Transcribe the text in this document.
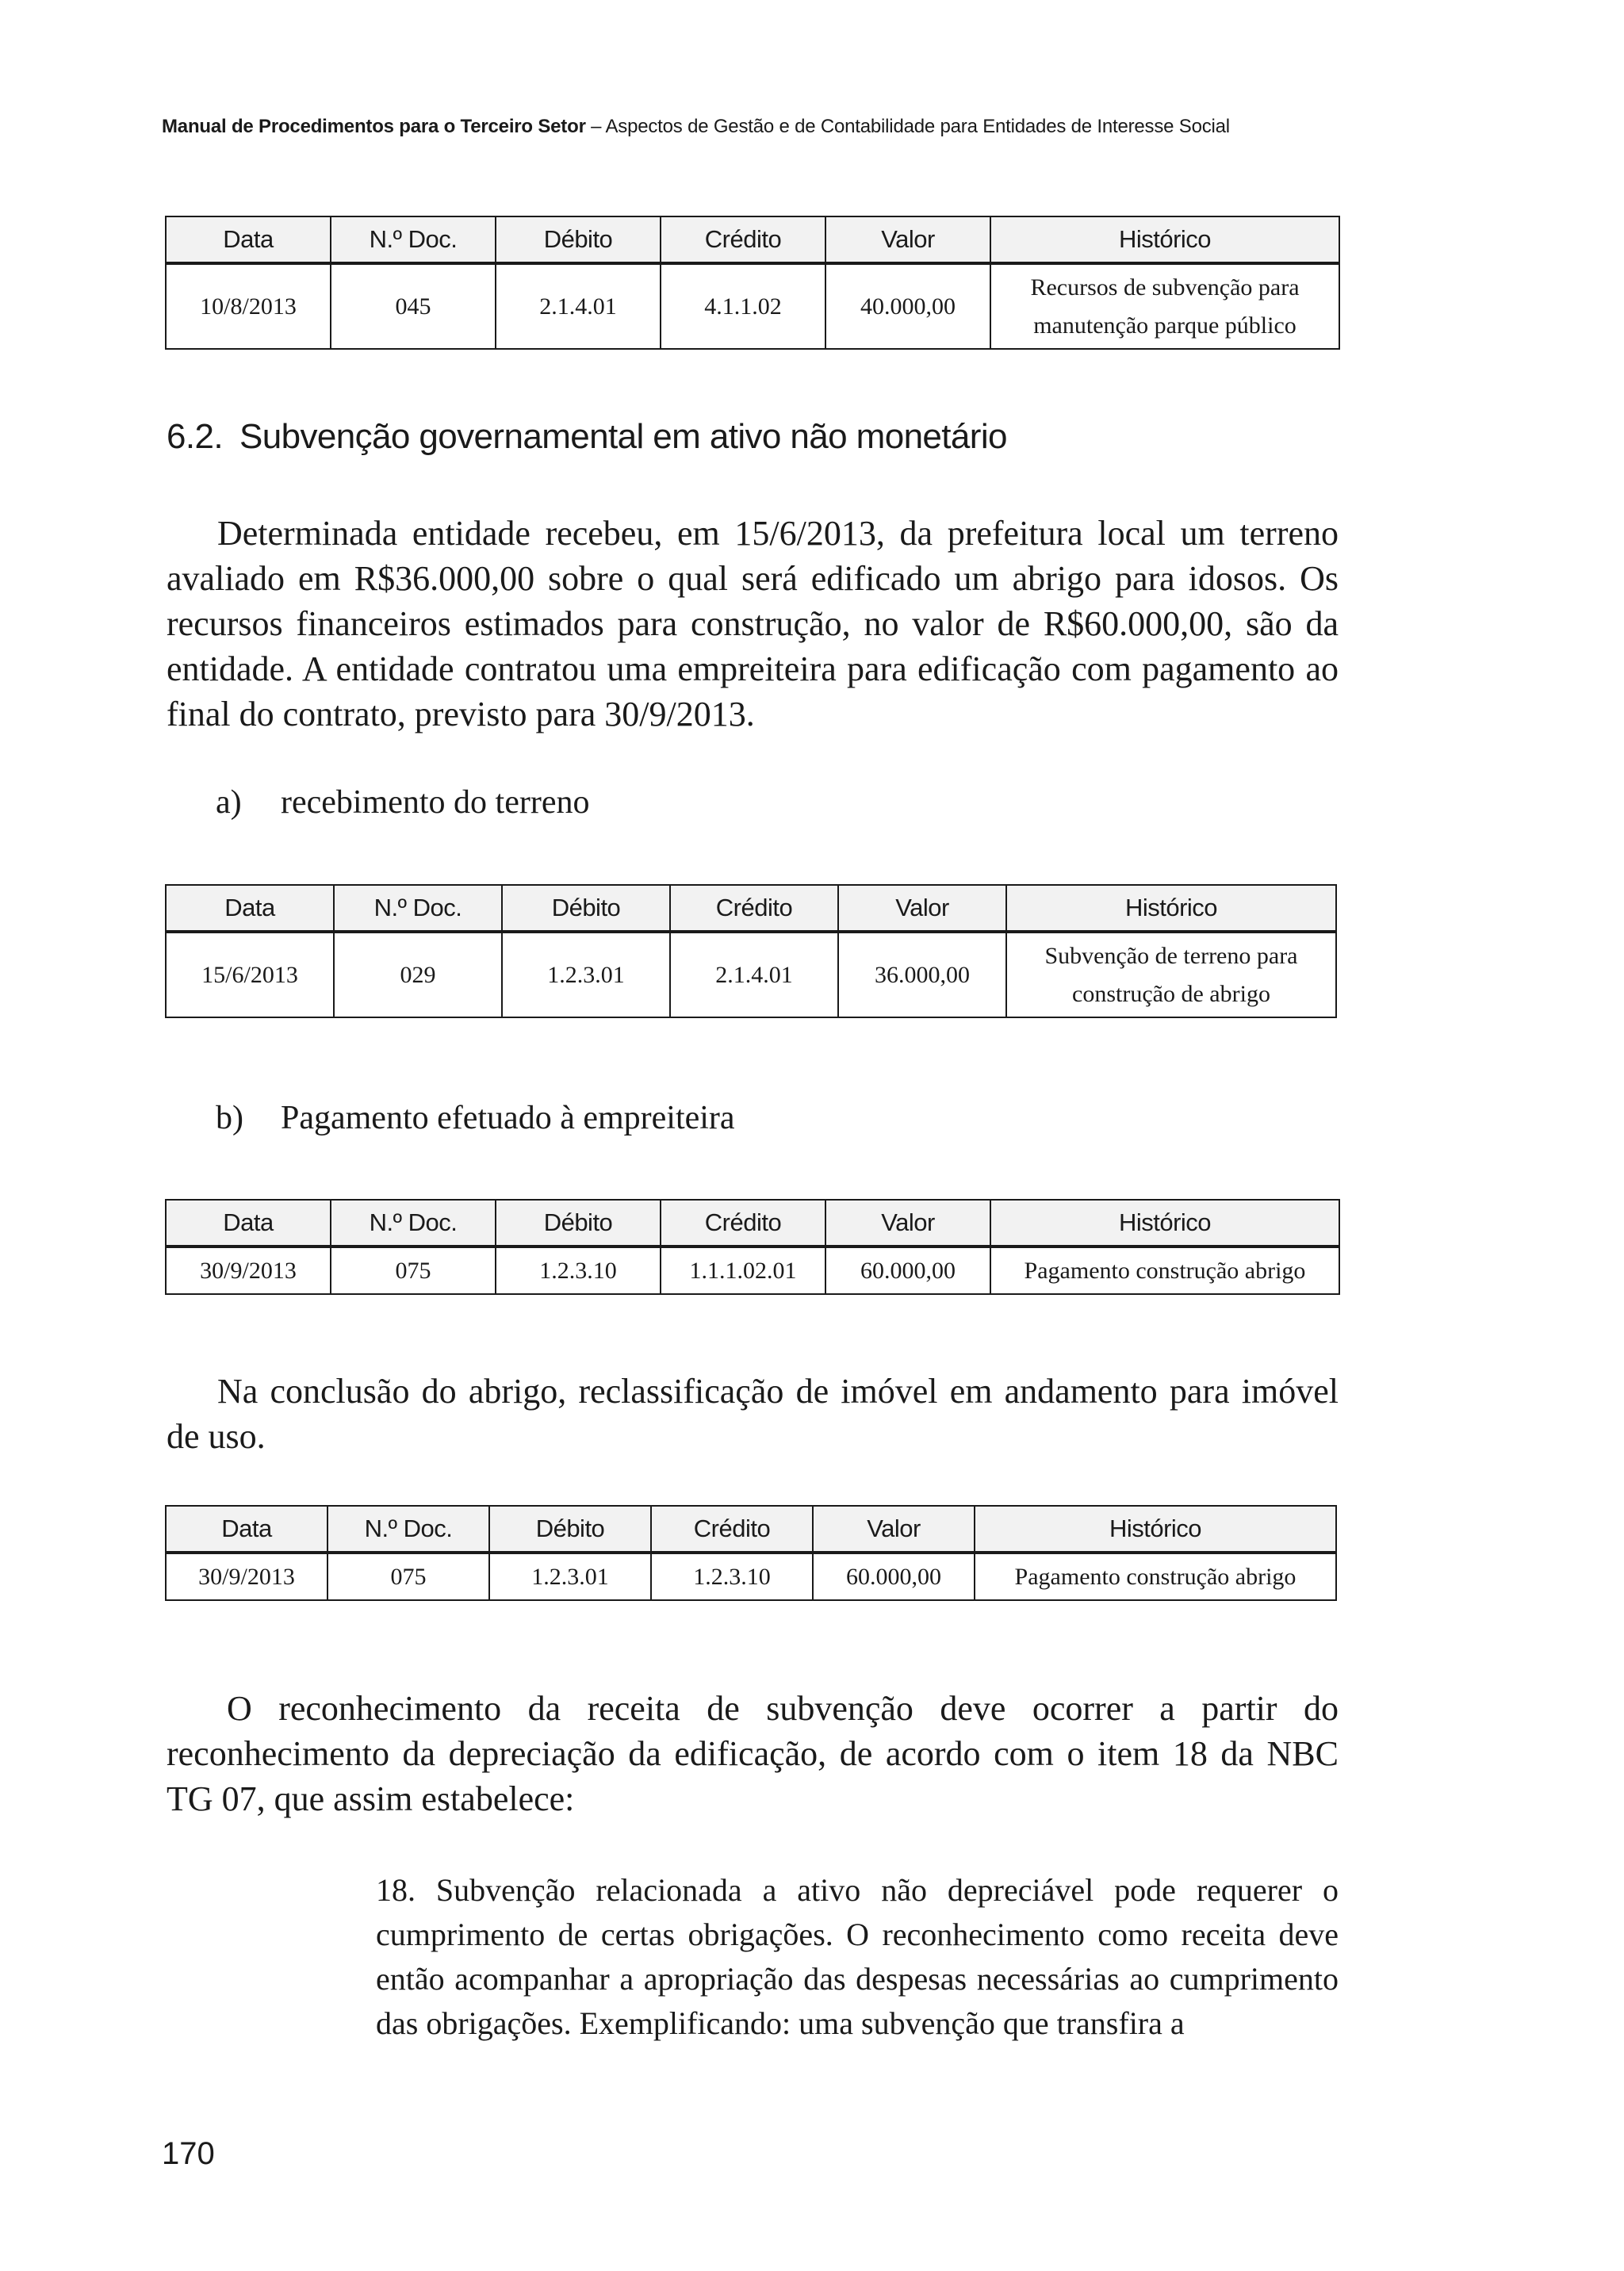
Manual de Procedimentos para o Terceiro Setor – Aspectos de Gestão e de Contabilidade para Entidades de Interesse Social
Data	N.º Doc.	Débito	Crédito	Valor	Histórico
10/8/2013	045	2.1.4.01	4.1.1.02	40.000,00	Recursos de subvenção para manutenção parque público
6.2. Subvenção governamental em ativo não monetário

Determinada entidade recebeu, em 15/6/2013, da prefeitura local um terreno avaliado em R$36.000,00 sobre o qual será edificado um abrigo para idosos. Os recursos financeiros estimados para construção, no valor de R$60.000,00, são da entidade. A entidade contratou uma empreiteira para edificação com pagamento ao final do contrato, previsto para 30/9/2013.

a) recebimento do terreno
Data	N.º Doc.	Débito	Crédito	Valor	Histórico
15/6/2013	029	1.2.3.01	2.1.4.01	36.000,00	Subvenção de terreno para construção de abrigo
b) Pagamento efetuado à empreiteira
Data	N.º Doc.	Débito	Crédito	Valor	Histórico
30/9/2013	075	1.2.3.10	1.1.1.02.01	60.000,00	Pagamento construção abrigo

Na conclusão do abrigo, reclassificação de imóvel em andamento para imóvel de uso.

Data	N.º Doc.	Débito	Crédito	Valor	Histórico
30/9/2013	075	1.2.3.01	1.2.3.10	60.000,00	Pagamento construção abrigo

O reconhecimento da receita de subvenção deve ocorrer a partir do reconhecimento da depreciação da edificação, de acordo com o item 18 da NBC TG 07, que assim estabelece:

18. Subvenção relacionada a ativo não depreciável pode requerer o cumprimento de certas obrigações. O reconhecimento como receita deve então acompanhar a apropriação das despesas necessárias ao cumprimento das obrigações. Exemplificando: uma subvenção que transfira a

170
